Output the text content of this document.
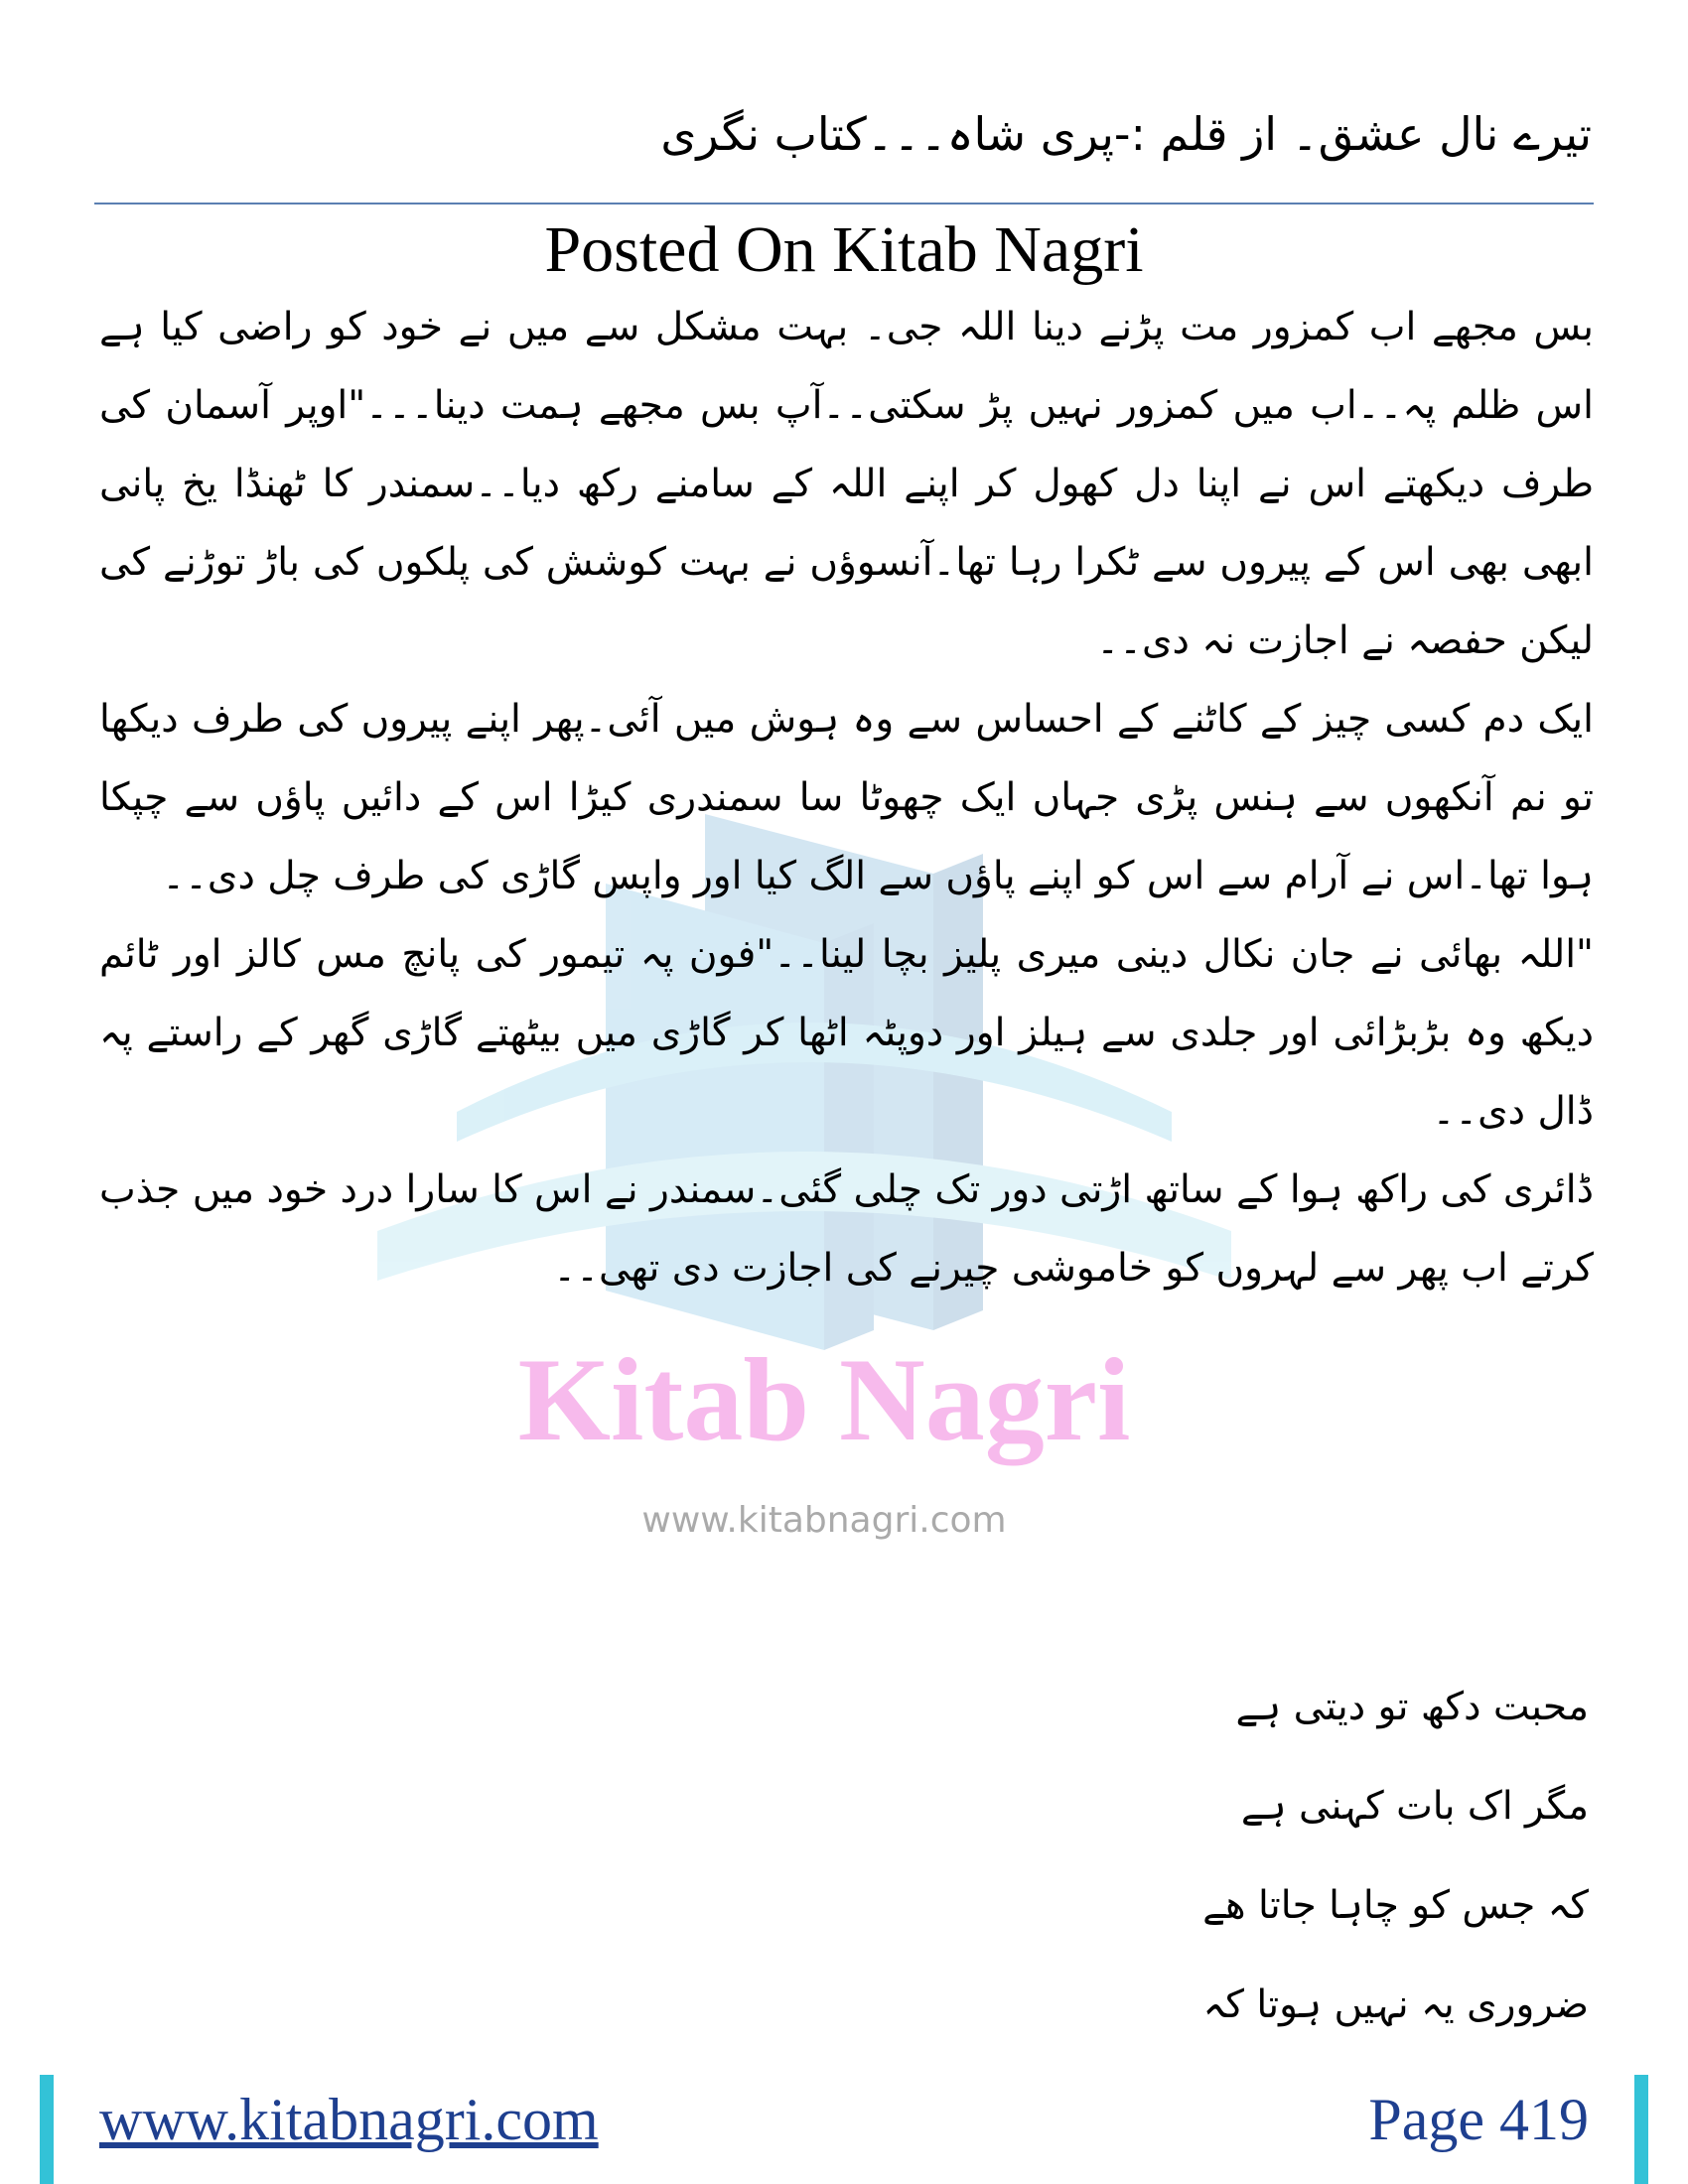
تیرے نال عشق۔ از قلم :-پری شاہ۔۔۔کتاب نگری
Posted On Kitab Nagri
Kitab Nagri
www.kitabnagri.com

بس مجھے اب کمزور مت پڑنے دینا اللہ جی۔ بہت مشکل سے میں نے خود کو راضی کیا ہے اس ظلم پہ۔۔اب میں کمزور نہیں پڑ سکتی۔۔آپ بس مجھے ہمت دینا۔۔۔"اوپر آسمان کی طرف دیکھتے اس نے اپنا دل کھول کر اپنے اللہ کے سامنے رکھ دیا۔۔سمندر کا ٹھنڈا یخ پانی ابھی بھی اس کے پیروں سے ٹکرا رہا تھا۔آنسوؤں نے بہت کوشش کی پلکوں کی باڑ توڑنے کی لیکن حفصہ نے اجازت نہ دی۔۔

ایک دم کسی چیز کے کاٹنے کے احساس سے وہ ہوش میں آئی۔پھر اپنے پیروں کی طرف دیکھا تو نم آنکھوں سے ہنس پڑی جہاں ایک چھوٹا سا سمندری کیڑا اس کے دائیں پاؤں سے چپکا ہوا تھا۔اس نے آرام سے اس کو اپنے پاؤں سے الگ کیا اور واپس گاڑی کی طرف چل دی۔۔

"اللہ بھائی نے جان نکال دینی میری پلیز بچا لینا۔۔"فون پہ تیمور کی پانچ مس کالز اور ٹائم دیکھ وہ بڑبڑائی اور جلدی سے ہیلز اور دوپٹہ اٹھا کر گاڑی میں بیٹھتے گاڑی گھر کے راستے پہ ڈال دی۔۔

ڈائری کی راکھ ہوا کے ساتھ اڑتی دور تک چلی گئی۔سمندر نے اس کا سارا درد خود میں جذب کرتے اب پھر سے لہروں کو خاموشی چیرنے کی اجازت دی تھی۔۔

محبت دکھ تو دیتی ہے
مگر اک بات کہنی ہے
کہ جس کو چاہا جاتا ھے
ضروری یہ نہیں ہوتا کہ
www.kitabnagri.com	Page 419
